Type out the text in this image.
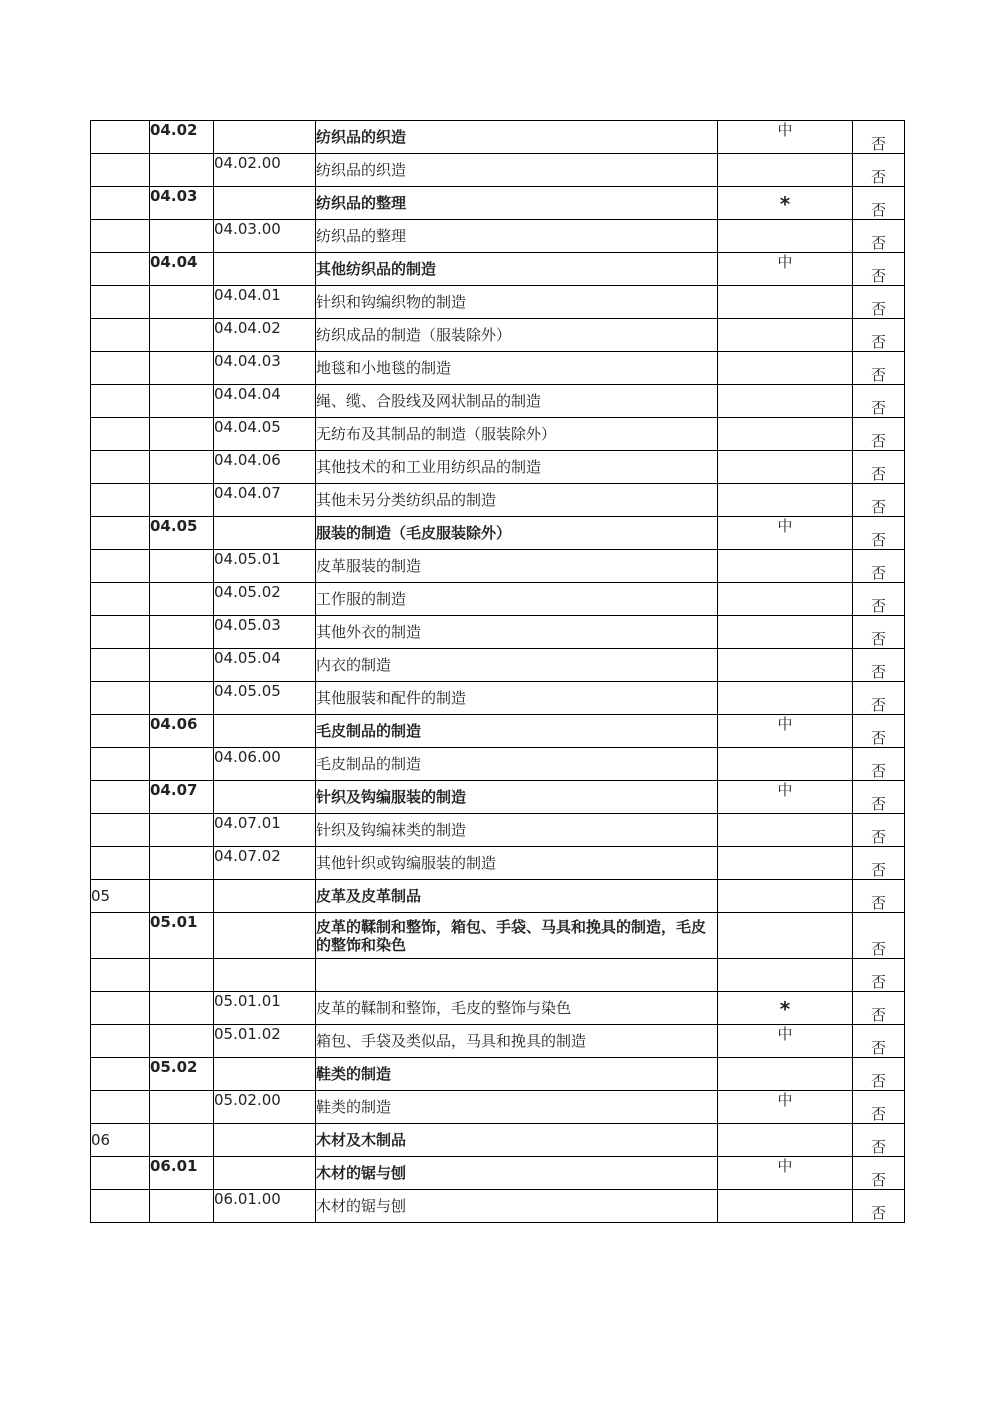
	04.02		纺织品的织造	中	否
		04.02.00	纺织品的织造		否
	04.03		纺织品的整理	*	否
		04.03.00	纺织品的整理		否
	04.04		其他纺织品的制造	中	否
		04.04.01	针织和钩编织物的制造		否
		04.04.02	纺织成品的制造（服装除外）		否
		04.04.03	地毯和小地毯的制造		否
		04.04.04	绳、缆、合股线及网状制品的制造		否
		04.04.05	无纺布及其制品的制造（服装除外）		否
		04.04.06	其他技术的和工业用纺织品的制造		否
		04.04.07	其他未另分类纺织品的制造		否
	04.05		服装的制造（毛皮服装除外）	中	否
		04.05.01	皮革服装的制造		否
		04.05.02	工作服的制造		否
		04.05.03	其他外衣的制造		否
		04.05.04	内衣的制造		否
		04.05.05	其他服装和配件的制造		否
	04.06		毛皮制品的制造	中	否
		04.06.00	毛皮制品的制造		否
	04.07		针织及钩编服装的制造	中	否
		04.07.01	针织及钩编袜类的制造		否
		04.07.02	其他针织或钩编服装的制造		否
05			皮革及皮革制品		否
	05.01		皮革的鞣制和整饰，箱包、手袋、马具和挽具的制造，毛皮的整饰和染色		否
					否
		05.01.01	皮革的鞣制和整饰，毛皮的整饰与染色	*	否
		05.01.02	箱包、手袋及类似品，马具和挽具的制造	中	否
	05.02		鞋类的制造		否
		05.02.00	鞋类的制造	中	否
06			木材及木制品		否
	06.01		木材的锯与刨	中	否
		06.01.00	木材的锯与刨		否
